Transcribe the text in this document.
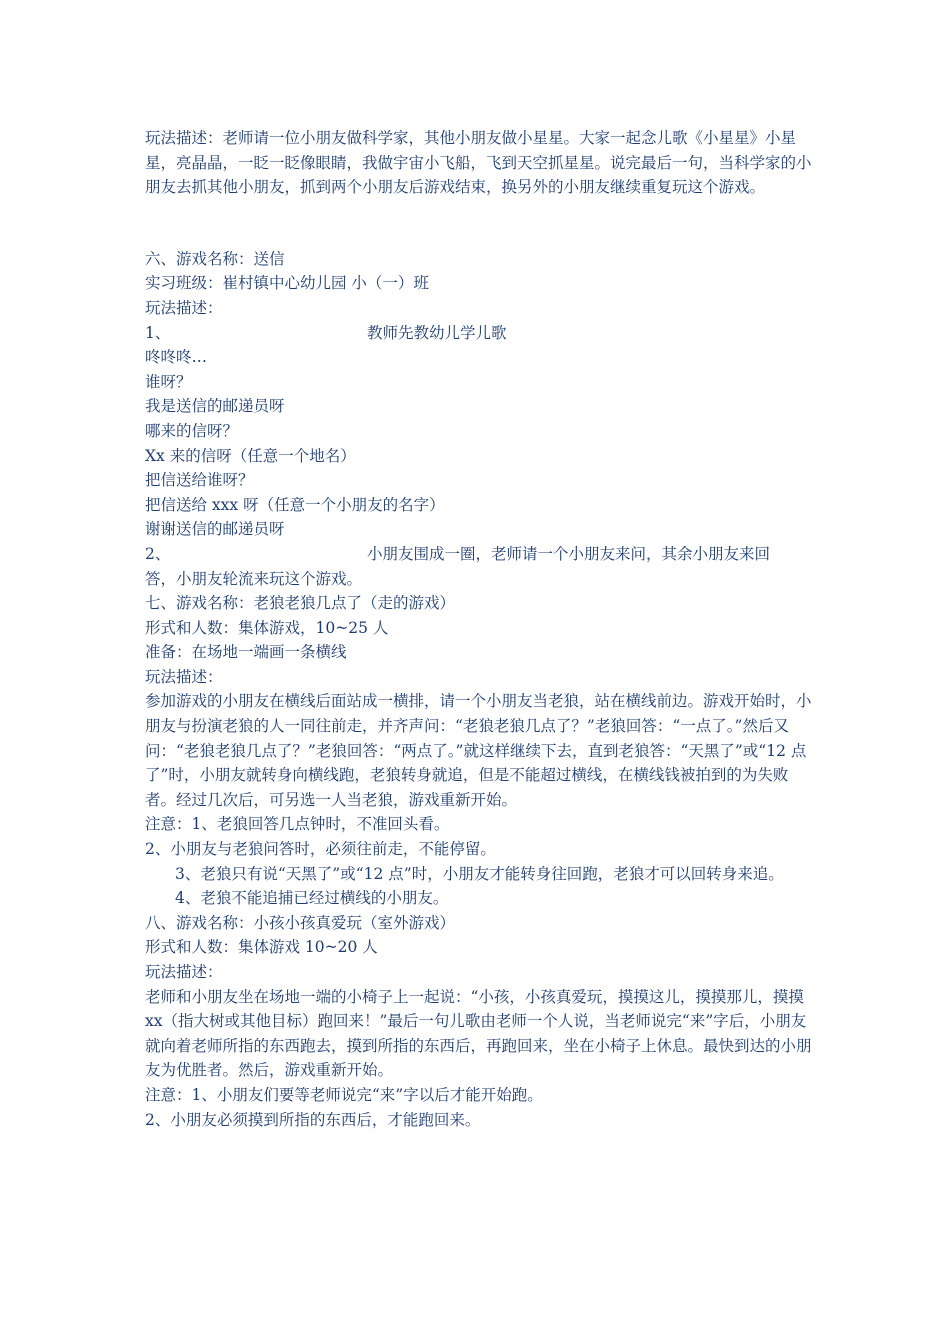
玩法描述：老师请一位小朋友做科学家，其他小朋友做小星星。大家一起念儿歌《小星星》小星星，亮晶晶，一眨一眨像眼睛，我做宇宙小飞船，飞到天空抓星星。说完最后一句，当科学家的小朋友去抓其他小朋友，抓到两个小朋友后游戏结束，换另外的小朋友继续重复玩这个游戏。

六、游戏名称：送信

实习班级：崔村镇中心幼儿园 小（一）班

玩法描述：

1、	教师先教幼儿学儿歌

咚咚咚…

谁呀？

我是送信的邮递员呀

哪来的信呀？

Xx 来的信呀（任意一个地名）

把信送给谁呀？

把信送给 xxx 呀（任意一个小朋友的名字）

谢谢送信的邮递员呀

2、	小朋友围成一圈，老师请一个小朋友来问，其余小朋友来回

答，小朋友轮流来玩这个游戏。

七、游戏名称：老狼老狼几点了（走的游戏）

形式和人数：集体游戏，10~25 人

准备：在场地一端画一条横线

玩法描述：

参加游戏的小朋友在横线后面站成一横排，请一个小朋友当老狼，站在横线前边。游戏开始时，小朋友与扮演老狼的人一同往前走，并齐声问：“老狼老狼几点了？”老狼回答：“一点了。”然后又问：“老狼老狼几点了？”老狼回答：“两点了。”就这样继续下去，直到老狼答：“天黑了”或“12 点了”时，小朋友就转身向横线跑，老狼转身就追，但是不能超过横线，在横线钱被拍到的为失败者。经过几次后，可另选一人当老狼，游戏重新开始。

注意：1、老狼回答几点钟时，不准回头看。

2、小朋友与老狼问答时，必须往前走，不能停留。

3、老狼只有说“天黑了”或“12 点”时，小朋友才能转身往回跑，老狼才可以回转身来追。

4、老狼不能追捕已经过横线的小朋友。

八、游戏名称：小孩小孩真爱玩（室外游戏）

形式和人数：集体游戏 10~20 人

玩法描述：

老师和小朋友坐在场地一端的小椅子上一起说：“小孩，小孩真爱玩，摸摸这儿，摸摸那儿，摸摸 xx（指大树或其他目标）跑回来！”最后一句儿歌由老师一个人说，当老师说完“来”字后，小朋友就向着老师所指的东西跑去，摸到所指的东西后，再跑回来，坐在小椅子上休息。最快到达的小朋友为优胜者。然后，游戏重新开始。

注意：1、小朋友们要等老师说完“来”字以后才能开始跑。

2、小朋友必须摸到所指的东西后，才能跑回来。
